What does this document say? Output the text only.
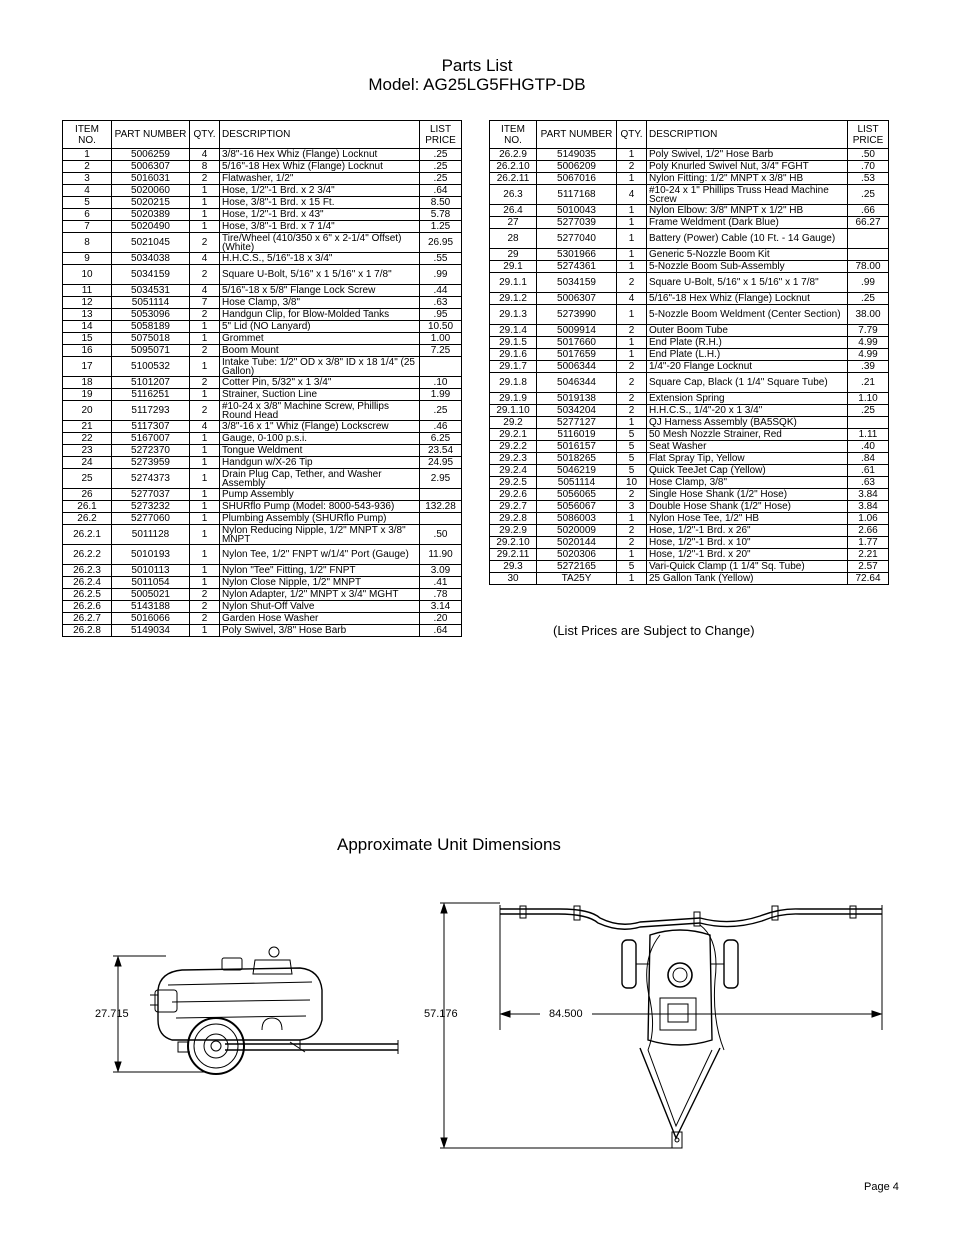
Parts List
Model: AG25LG5FHGTP-DB
ITEM NO.	PART NUMBER	QTY.	DESCRIPTION	LIST PRICE
1	5006259	4	3/8"-16 Hex Whiz (Flange) Locknut	.25
2	5006307	8	5/16"-18 Hex Whiz (Flange) Locknut	.25
3	5016031	2	Flatwasher, 1/2"	.25
4	5020060	1	Hose, 1/2"-1 Brd. x 2 3/4"	.64
5	5020215	1	Hose, 3/8"-1 Brd. x 15 Ft.	8.50
6	5020389	1	Hose, 1/2"-1 Brd. x 43"	5.78
7	5020490	1	Hose, 3/8"-1 Brd. x 7 1/4"	1.25
8	5021045	2	Tire/Wheel (410/350 x 6" x 2-1/4" Offset) (White)	26.95
9	5034038	4	H.H.C.S., 5/16"-18 x 3/4"	.55
10	5034159	2	Square U-Bolt, 5/16" x 1 5/16" x 1 7/8"	.99
11	5034531	4	5/16"-18 x 5/8" Flange Lock Screw	.44
12	5051114	7	Hose Clamp, 3/8"	.63
13	5053096	2	Handgun Clip, for Blow-Molded Tanks	.95
14	5058189	1	5" Lid (NO Lanyard)	10.50
15	5075018	1	Grommet	1.00
16	5095071	2	Boom Mount	7.25
17	5100532	1	Intake Tube: 1/2" OD x 3/8" ID x 18 1/4" (25 Gallon)	
18	5101207	2	Cotter Pin, 5/32" x 1 3/4"	.10
19	5116251	1	Strainer, Suction Line	1.99
20	5117293	2	#10-24 x 3/8" Machine Screw, Phillips Round Head	.25
21	5117307	4	3/8"-16 x 1" Whiz (Flange) Lockscrew	.46
22	5167007	1	Gauge, 0-100 p.s.i.	6.25
23	5272370	1	Tongue Weldment	23.54
24	5273959	1	Handgun w/X-26 Tip	24.95
25	5274373	1	Drain Plug Cap, Tether, and Washer Assembly	2.95
26	5277037	1	Pump Assembly	
26.1	5273232	1	SHURflo Pump (Model: 8000-543-936)	132.28
26.2	5277060	1	Plumbing Assembly (SHURflo Pump)	
26.2.1	5011128	1	Nylon Reducing Nipple, 1/2" MNPT x 3/8" MNPT	.50
26.2.2	5010193	1	Nylon Tee, 1/2" FNPT w/1/4" Port (Gauge)	11.90
26.2.3	5010113	1	Nylon "Tee" Fitting, 1/2" FNPT	3.09
26.2.4	5011054	1	Nylon Close Nipple, 1/2" MNPT	.41
26.2.5	5005021	2	Nylon Adapter, 1/2" MNPT x 3/4" MGHT	.78
26.2.6	5143188	2	Nylon Shut-Off Valve	3.14
26.2.7	5016066	2	Garden Hose Washer	.20
26.2.8	5149034	1	Poly Swivel, 3/8" Hose Barb	.64
ITEM NO.	PART NUMBER	QTY.	DESCRIPTION	LIST PRICE
26.2.9	5149035	1	Poly Swivel, 1/2" Hose Barb	.50
26.2.10	5006209	2	Poly Knurled Swivel Nut, 3/4" FGHT	.70
26.2.11	5067016	1	Nylon Fitting: 1/2" MNPT x 3/8" HB	.53
26.3	5117168	4	#10-24 x 1" Phillips Truss Head Machine Screw	.25
26.4	5010043	1	Nylon Elbow: 3/8" MNPT x 1/2" HB	.66
27	5277039	1	Frame Weldment (Dark Blue)	66.27
28	5277040	1	Battery (Power) Cable (10 Ft. - 14 Gauge)	
29	5301966	1	Generic 5-Nozzle Boom Kit	
29.1	5274361	1	5-Nozzle Boom Sub-Assembly	78.00
29.1.1	5034159	2	Square U-Bolt, 5/16" x 1 5/16" x 1 7/8"	.99
29.1.2	5006307	4	5/16"-18 Hex Whiz (Flange) Locknut	.25
29.1.3	5273990	1	5-Nozzle Boom Weldment (Center Section)	38.00
29.1.4	5009914	2	Outer Boom Tube	7.79
29.1.5	5017660	1	End Plate (R.H.)	4.99
29.1.6	5017659	1	End Plate (L.H.)	4.99
29.1.7	5006344	2	1/4"-20 Flange Locknut	.39
29.1.8	5046344	2	Square Cap, Black (1 1/4" Square Tube)	.21
29.1.9	5019138	2	Extension Spring	1.10
29.1.10	5034204	2	H.H.C.S., 1/4"-20 x 1 3/4"	.25
29.2	5277127	1	QJ Harness Assembly (BA5SQK)	
29.2.1	5116019	5	50 Mesh Nozzle Strainer, Red	1.11
29.2.2	5016157	5	Seat Washer	.40
29.2.3	5018265	5	Flat Spray Tip, Yellow	.84
29.2.4	5046219	5	Quick TeeJet Cap (Yellow)	.61
29.2.5	5051114	10	Hose Clamp, 3/8"	.63
29.2.6	5056065	2	Single Hose Shank (1/2" Hose)	3.84
29.2.7	5056067	3	Double Hose Shank (1/2" Hose)	3.84
29.2.8	5086003	1	Nylon Hose Tee, 1/2" HB	1.06
29.2.9	5020009	2	Hose, 1/2"-1 Brd. x 26"	2.66
29.2.10	5020144	2	Hose, 1/2"-1 Brd. x 10"	1.77
29.2.11	5020306	1	Hose, 1/2"-1 Brd. x 20"	2.21
29.3	5272165	5	Vari-Quick Clamp (1 1/4" Sq. Tube)	2.57
30	TA25Y	1	25 Gallon Tank (Yellow)	72.64
(List Prices are Subject to Change)
Approximate Unit Dimensions
27.715	57.176	84.500
Page 4
